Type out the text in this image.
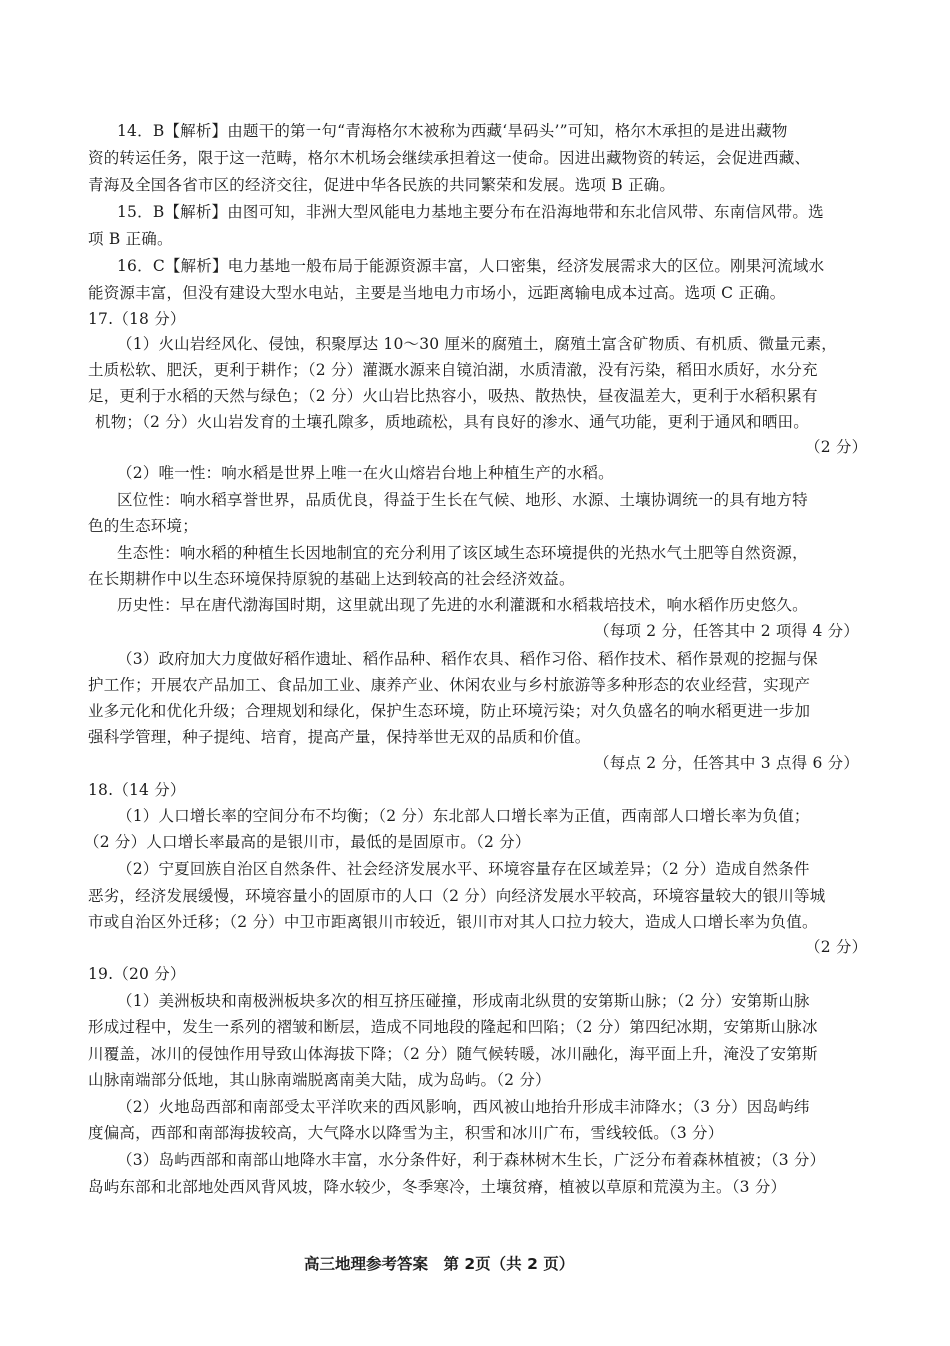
14．B【解析】由题干的第一句“青海格尔木被称为西藏‘旱码头’”可知，格尔木承担的是进出藏物
资的转运任务，限于这一范畴，格尔木机场会继续承担着这一使命。因进出藏物资的转运，会促进西藏、
青海及全国各省市区的经济交往，促进中华各民族的共同繁荣和发展。选项 B 正确。
15．B【解析】由图可知，非洲大型风能电力基地主要分布在沿海地带和东北信风带、东南信风带。选
项 B 正确。
16．C【解析】电力基地一般布局于能源资源丰富，人口密集，经济发展需求大的区位。刚果河流域水
能资源丰富，但没有建设大型水电站，主要是当地电力市场小，远距离输电成本过高。选项 C 正确。
17.（18 分）
（1）火山岩经风化、侵蚀，积聚厚达 10～30 厘米的腐殖土，腐殖土富含矿物质、有机质、微量元素，
土质松软、肥沃，更利于耕作；（2 分）灌溉水源来自镜泊湖，水质清澈，没有污染，稻田水质好，水分充
足，更利于水稻的天然与绿色；（2 分）火山岩比热容小，吸热、散热快，昼夜温差大，更利于水稻积累有
机物；（2 分）火山岩发育的土壤孔隙多，质地疏松，具有良好的渗水、通气功能，更利于通风和晒田。
（2 分）
（2）唯一性：响水稻是世界上唯一在火山熔岩台地上种植生产的水稻。
区位性：响水稻享誉世界，品质优良，得益于生长在气候、地形、水源、土壤协调统一的具有地方特
色的生态环境；
生态性：响水稻的种植生长因地制宜的充分利用了该区域生态环境提供的光热水气土肥等自然资源，
在长期耕作中以生态环境保持原貌的基础上达到较高的社会经济效益。
历史性：早在唐代渤海国时期，这里就出现了先进的水利灌溉和水稻栽培技术，响水稻作历史悠久。
（每项 2 分，任答其中 2 项得 4 分）
（3）政府加大力度做好稻作遗址、稻作品种、稻作农具、稻作习俗、稻作技术、稻作景观的挖掘与保
护工作；开展农产品加工、食品加工业、康养产业、休闲农业与乡村旅游等多种形态的农业经营，实现产
业多元化和优化升级；合理规划和绿化，保护生态环境，防止环境污染；对久负盛名的响水稻更进一步加
强科学管理，种子提纯、培育，提高产量，保持举世无双的品质和价值。
（每点 2 分，任答其中 3 点得 6 分）
18.（14 分）
（1）人口增长率的空间分布不均衡；（2 分）东北部人口增长率为正值，西南部人口增长率为负值；
（2 分）人口增长率最高的是银川市，最低的是固原市。（2 分）
（2）宁夏回族自治区自然条件、社会经济发展水平、环境容量存在区域差异；（2 分）造成自然条件
恶劣，经济发展缓慢，环境容量小的固原市的人口（2 分）向经济发展水平较高，环境容量较大的银川等城
市或自治区外迁移；（2 分）中卫市距离银川市较近，银川市对其人口拉力较大，造成人口增长率为负值。
（2 分）
19.（20 分）
（1）美洲板块和南极洲板块多次的相互挤压碰撞，形成南北纵贯的安第斯山脉；（2 分）安第斯山脉
形成过程中，发生一系列的褶皱和断层，造成不同地段的隆起和凹陷；（2 分）第四纪冰期，安第斯山脉冰
川覆盖，冰川的侵蚀作用导致山体海拔下降；（2 分）随气候转暖，冰川融化，海平面上升，淹没了安第斯
山脉南端部分低地，其山脉南端脱离南美大陆，成为岛屿。（2 分）
（2）火地岛西部和南部受太平洋吹来的西风影响，西风被山地抬升形成丰沛降水；（3 分）因岛屿纬
度偏高，西部和南部海拔较高，大气降水以降雪为主，积雪和冰川广布，雪线较低。（3 分）
（3）岛屿西部和南部山地降水丰富，水分条件好，利于森林树木生长，广泛分布着森林植被；（3 分）
岛屿东部和北部地处西风背风坡，降水较少，冬季寒冷，土壤贫瘠，植被以草原和荒漠为主。（3 分）
高三地理参考答案　第 2页（共 2 页）
